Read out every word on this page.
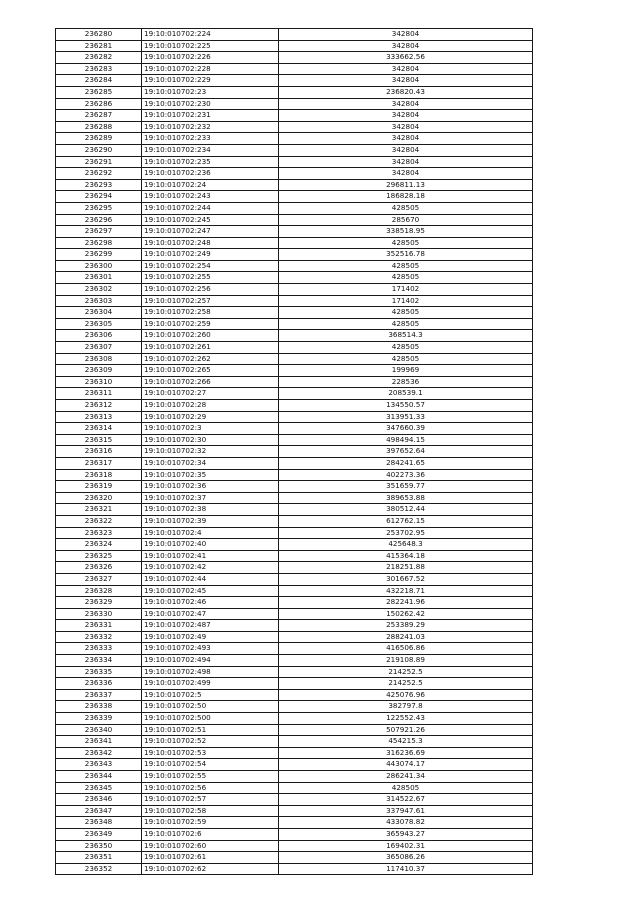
236280	19:10:010702:224	342804
236281	19:10:010702:225	342804
236282	19:10:010702:226	333662.56
236283	19:10:010702:228	342804
236284	19:10:010702:229	342804
236285	19:10:010702:23	236820.43
236286	19:10:010702:230	342804
236287	19:10:010702:231	342804
236288	19:10:010702:232	342804
236289	19:10:010702:233	342804
236290	19:10:010702:234	342804
236291	19:10:010702:235	342804
236292	19:10:010702:236	342804
236293	19:10:010702:24	296811.13
236294	19:10:010702:243	186828.18
236295	19:10:010702:244	428505
236296	19:10:010702:245	285670
236297	19:10:010702:247	338518.95
236298	19:10:010702:248	428505
236299	19:10:010702:249	352516.78
236300	19:10:010702:254	428505
236301	19:10:010702:255	428505
236302	19:10:010702:256	171402
236303	19:10:010702:257	171402
236304	19:10:010702:258	428505
236305	19:10:010702:259	428505
236306	19:10:010702:260	368514.3
236307	19:10:010702:261	428505
236308	19:10:010702:262	428505
236309	19:10:010702:265	199969
236310	19:10:010702:266	228536
236311	19:10:010702:27	208539.1
236312	19:10:010702:28	134550.57
236313	19:10:010702:29	313951.33
236314	19:10:010702:3	347660.39
236315	19:10:010702:30	498494.15
236316	19:10:010702:32	397652.64
236317	19:10:010702:34	284241.65
236318	19:10:010702:35	402273.36
236319	19:10:010702:36	351659.77
236320	19:10:010702:37	389653.88
236321	19:10:010702:38	380512.44
236322	19:10:010702:39	612762.15
236323	19:10:010702:4	253702.95
236324	19:10:010702:40	425648.3
236325	19:10:010702:41	415364.18
236326	19:10:010702:42	218251.88
236327	19:10:010702:44	301667.52
236328	19:10:010702:45	432218.71
236329	19:10:010702:46	282241.96
236330	19:10:010702:47	150262.42
236331	19:10:010702:487	253389.29
236332	19:10:010702:49	288241.03
236333	19:10:010702:493	416506.86
236334	19:10:010702:494	219108.89
236335	19:10:010702:498	214252.5
236336	19:10:010702:499	214252.5
236337	19:10:010702:5	425076.96
236338	19:10:010702:50	382797.8
236339	19:10:010702:500	122552.43
236340	19:10:010702:51	507921.26
236341	19:10:010702:52	454215.3
236342	19:10:010702:53	316236.69
236343	19:10:010702:54	443074.17
236344	19:10:010702:55	286241.34
236345	19:10:010702:56	428505
236346	19:10:010702:57	314522.67
236347	19:10:010702:58	337947.61
236348	19:10:010702:59	433078.82
236349	19:10:010702:6	365943.27
236350	19:10:010702:60	169402.31
236351	19:10:010702:61	365086.26
236352	19:10:010702:62	117410.37
